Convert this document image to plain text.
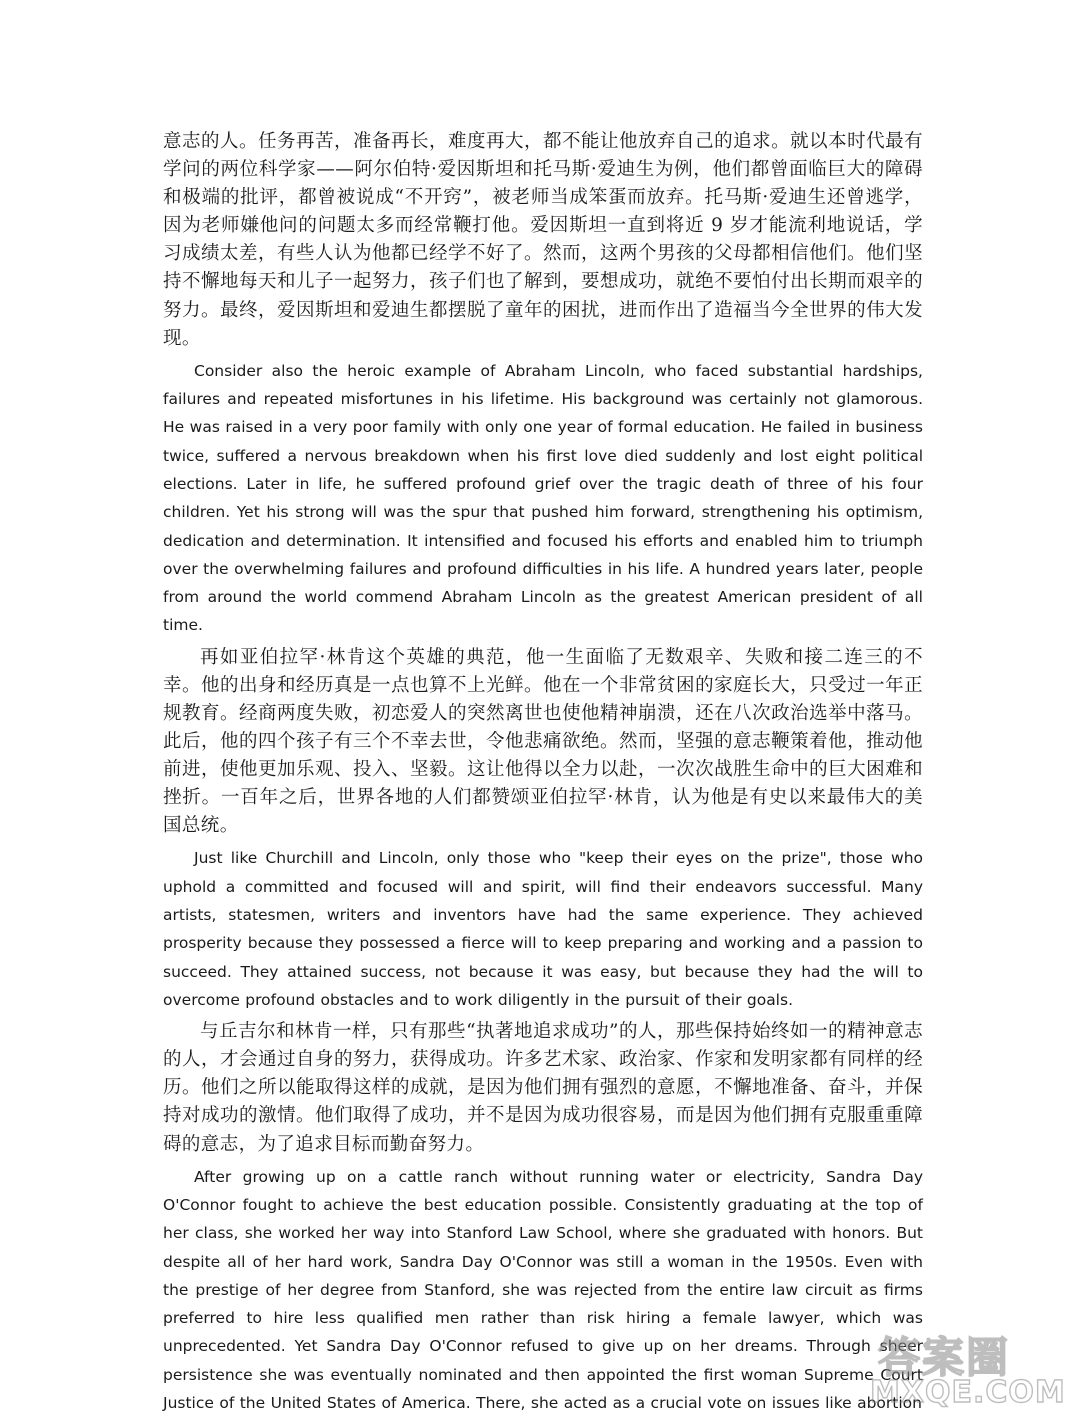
意志的人。任务再苦，准备再长，难度再大，都不能让他放弃自己的追求。就以本时代最有学问的两位科学家——阿尔伯特·爱因斯坦和托马斯·爱迪生为例，他们都曾面临巨大的障碍和极端的批评，都曾被说成“不开窍”，被老师当成笨蛋而放弃。托马斯·爱迪生还曾逃学，因为老师嫌他问的问题太多而经常鞭打他。爱因斯坦一直到将近 9 岁才能流利地说话，学习成绩太差，有些人认为他都已经学不好了。然而，这两个男孩的父母都相信他们。他们坚持不懈地每天和儿子一起努力，孩子们也了解到，要想成功，就绝不要怕付出长期而艰辛的努力。最终，爱因斯坦和爱迪生都摆脱了童年的困扰，进而作出了造福当今全世界的伟大发现。

Consider also the heroic example of Abraham Lincoln, who faced substantial hardships, failures and repeated misfortunes in his lifetime. His background was certainly not glamorous. He was raised in a very poor family with only one year of formal education. He failed in business twice, suffered a nervous breakdown when his first love died suddenly and lost eight political elections. Later in life, he suffered profound grief over the tragic death of three of his four children. Yet his strong will was the spur that pushed him forward, strengthening his optimism, dedication and determination. It intensified and focused his efforts and enabled him to triumph over the overwhelming failures and profound difficulties in his life. A hundred years later, people from around the world commend Abraham Lincoln as the greatest American president of all time.

再如亚伯拉罕·林肯这个英雄的典范，他一生面临了无数艰辛、失败和接二连三的不幸。他的出身和经历真是一点也算不上光鲜。他在一个非常贫困的家庭长大，只受过一年正规教育。经商两度失败，初恋爱人的突然离世也使他精神崩溃，还在八次政治选举中落马。此后，他的四个孩子有三个不幸去世，令他悲痛欲绝。然而，坚强的意志鞭策着他，推动他前进，使他更加乐观、投入、坚毅。这让他得以全力以赴，一次次战胜生命中的巨大困难和挫折。一百年之后，世界各地的人们都赞颂亚伯拉罕·林肯，认为他是有史以来最伟大的美国总统。

Just like Churchill and Lincoln, only those who "keep their eyes on the prize", those who uphold a committed and focused will and spirit, will find their endeavors successful. Many artists, statesmen, writers and inventors have had the same experience. They achieved prosperity because they possessed a fierce will to keep preparing and working and a passion to succeed. They attained success, not because it was easy, but because they had the will to overcome profound obstacles and to work diligently in the pursuit of their goals.

与丘吉尔和林肯一样，只有那些“执著地追求成功”的人，那些保持始终如一的精神意志的人，才会通过自身的努力，获得成功。许多艺术家、政治家、作家和发明家都有同样的经历。他们之所以能取得这样的成就，是因为他们拥有强烈的意愿，不懈地准备、奋斗，并保持对成功的激情。他们取得了成功，并不是因为成功很容易，而是因为他们拥有克服重重障碍的意志，为了追求目标而勤奋努力。

After growing up on a cattle ranch without running water or electricity, Sandra Day O'Connor fought to achieve the best education possible. Consistently graduating at the top of her class, she worked her way into Stanford Law School, where she graduated with honors. But despite all of her hard work, Sandra Day O'Connor was still a woman in the 1950s. Even with the prestige of her degree from Stanford, she was rejected from the entire law circuit as firms preferred to hire less qualified men rather than risk hiring a female lawyer, which was unprecedented. Yet Sandra Day O'Connor refused to give up on her dreams. Through sheer persistence she was eventually nominated and then appointed the first woman Supreme Court Justice of the United States of America. There, she acted as a crucial vote on issues like abortion

答案圈
MXQE.COM
